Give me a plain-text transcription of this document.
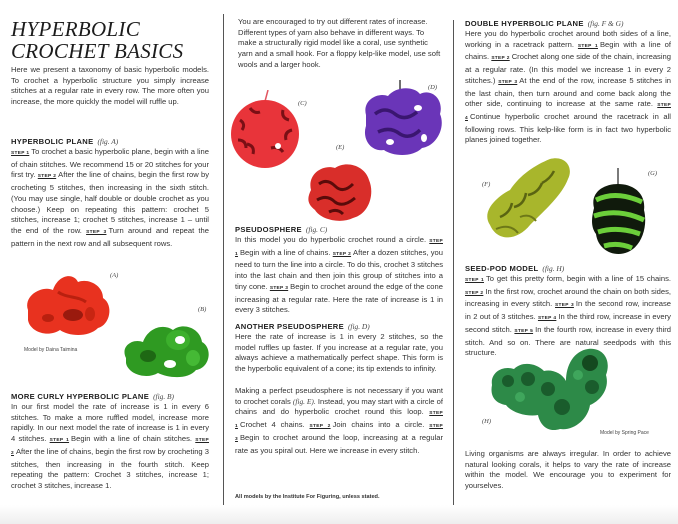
HYPERBOLIC
CROCHET BASICS

Here we present a taxonomy of basic hyperbolic models. To crochet a hyperbolic structure you simply increase stitches at a regular rate in every row. The more often you increase, the more quickly the model will ruffle up.

HYPERBOLIC PLANE (fig. A)

STEP 1 To crochet a basic hyperbolic plane, begin with a line of chain stitches. We recommend 15 or 20 stitches for your first try. STEP 2 After the line of chains, begin the first row by crocheting 5 stitches, then increasing in the sixth stitch. (You may use single, half double or double crochet as you choose.) Keep on repeating this pattern: crochet 5 stitches, increase 1; crochet 5 stitches, increase 1 – until the end of the row. STEP 3 Turn around and repeat the pattern in the next row and all subsequent rows.

(A)
Model by Daina Taimina
(B)
MORE CURLY HYPERBOLIC PLANE (fig. B)

In our first model the rate of increase is 1 in every 6 stitches. To make a more ruffled model, increase more rapidly. In our next model the rate of increase is 1 in every 4 stitches. STEP 1 Begin with a line of chain stitches. STEP 2 After the line of chains, begin the first row by crocheting 3 stitches, then increasing in the fourth stitch. Keep repeating the pattern: Crochet 3 stitches, increase 1; crochet 3 stitches, increase 1.

You are encouraged to try out different rates of increase. Different types of yarn also behave in different ways. To make a structurally rigid model like a coral, use synthetic yarn and a small hook. For a floppy kelp-like model, use soft wools and a larger hook.

(C)
(D)
(E)
PSEUDOSPHERE (fig. C)

In this model you do hyperbolic crochet round a circle. STEP 1 Begin with a line of chains. STEP 2 After a dozen stitches, you need to turn the line into a circle. To do this, crochet 3 stitches into the last chain and then join this group of stitches into a tiny cone. STEP 3 Begin to crochet around the edge of the cone increasing at a regular rate. Here the rate of increase is 1 in every 3 stitches.

ANOTHER PSEUDOSPHERE (fig. D)

Here the rate of increase is 1 in every 2 stitches, so the model ruffles up faster. If you increase at a regular rate, you always achieve a mathematically perfect shape. This form is the hyperbolic equivalent of a cone; its tip extends to infinity.

Making a perfect pseudosphere is not necessary if you want to crochet corals (fig. E). Instead, you may start with a circle of chains and do hyperbolic crochet round this loop. STEP 1 Crochet 4 chains. STEP 2 Join chains into a circle. STEP 3 Begin to crochet around the loop, increasing at a regular rate as you spiral out. Here we increase in every stitch.

All models by the Institute For Figuring, unless stated.
DOUBLE HYPERBOLIC PLANE (fig. F & G)

Here you do hyperbolic crochet around both sides of a line, working in a racetrack pattern. STEP 1 Begin with a line of chains. STEP 2 Crochet along one side of the chain, increasing at a regular rate. (In this model we increase 1 in every 2 stitches.) STEP 3 At the end of the row, increase 5 stitches in the last chain, then turn around and come back along the other side, continuing to increase at the same rate. STEP 4 Continue hyperbolic crochet around the racetrack in all following rows. This kelp-like form is in fact two hyperbolic planes joined together.

(F)
(G)
SEED-POD MODEL (fig. H)

STEP 1 To get this pretty form, begin with a line of 15 chains. STEP 2 In the first row, crochet around the chain on both sides, increasing in every stitch. STEP 3 In the second row, increase in 2 out of 3 stitches. STEP 4 In the third row, increase in every second stitch. STEP 5 In the fourth row, increase in every third stitch. And so on. There are natural seedpods with this structure.

(H)
Model by Spring Pace

Living organisms are always irregular. In order to achieve natural looking corals, it helps to vary the rate of increase within the model. We encourage you to experiment for yourselves.
